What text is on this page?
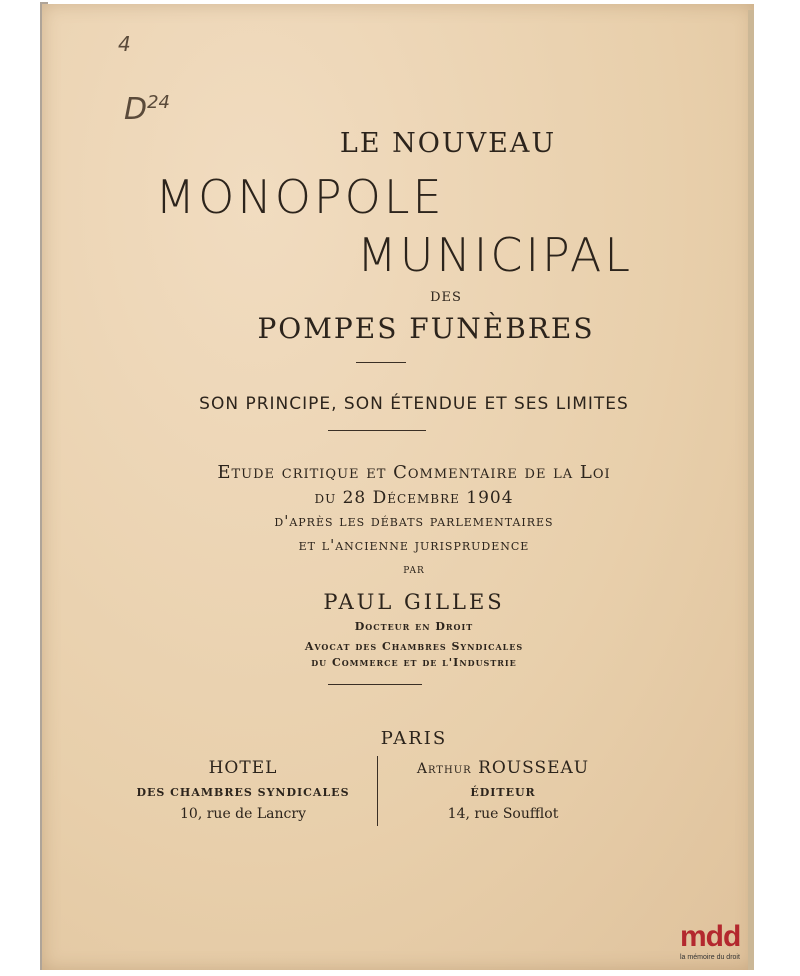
4
$D^{24}$
LE NOUVEAU
MONOPOLE
MUNICIPAL
DES
POMPES FUNÈBRES
SON PRINCIPE, SON ÉTENDUE ET SES LIMITES
Etude critique et Commentaire de la Loi
du 28 Décembre 1904
d'après les débats parlementaires
et l'ancienne jurisprudence
PAR
PAUL GILLES
Docteur en Droit
Avocat des Chambres Syndicales
du Commerce et de l'Industrie
PARIS
HOTEL
DES CHAMBRES SYNDICALES
10, rue de Lancry
Arthur ROUSSEAU
ÉDITEUR
14, rue Soufflot
mdd
la mémoire du droit
